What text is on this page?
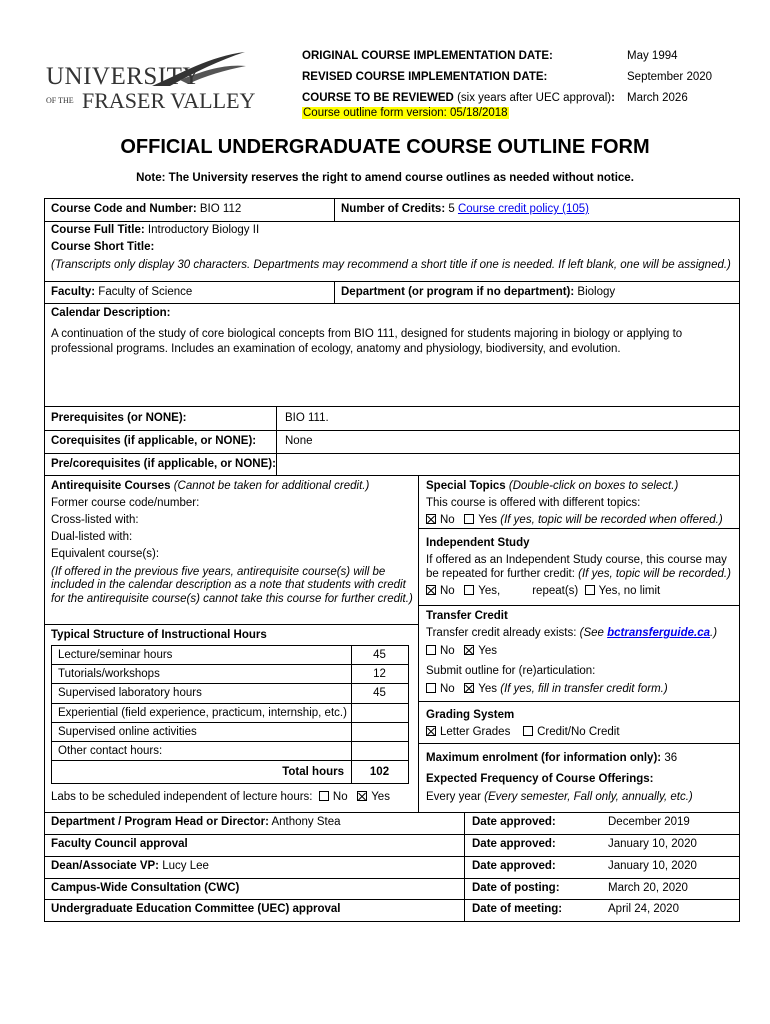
UNIVERSITY
OF THE FRASER VALLEY
ORIGINAL COURSE IMPLEMENTATION DATE:	May 1994
REVISED COURSE IMPLEMENTATION DATE:	September 2020
COURSE TO BE REVIEWED (six years after UEC approval): March 2026
Course outline form version: 05/18/2018
OFFICIAL UNDERGRADUATE COURSE OUTLINE FORM
Note: The University reserves the right to amend course outlines as needed without notice.
Course Code and Number: BIO 112	Number of Credits: 5 Course credit policy (105)
Course Full Title: Introductory Biology II
Course Short Title:
(Transcripts only display 30 characters. Departments may recommend a short title if one is needed. If left blank, one will be assigned.)
Faculty: Faculty of Science	Department (or program if no department): Biology
Calendar Description:
A continuation of the study of core biological concepts from BIO 111, designed for students majoring in biology or applying to professional programs. Includes an examination of ecology, anatomy and physiology, biodiversity, and evolution.
Prerequisites (or NONE):	BIO 111.
Corequisites (if applicable, or NONE):	None
Pre/corequisites (if applicable, or NONE):
Antirequisite Courses (Cannot be taken for additional credit.)
Former course code/number:
Cross-listed with:
Dual-listed with:
Equivalent course(s):
(If offered in the previous five years, antirequisite course(s) will be
included in the calendar description as a note that students with credit
for the antirequisite course(s) cannot take this course for further credit.)
Typical Structure of Instructional Hours
Lecture/seminar hours	45
Tutorials/workshops	12
Supervised laboratory hours	45
Experiential (field experience, practicum, internship, etc.)
Supervised online activities
Other contact hours:
Total hours	102
Labs to be scheduled independent of lecture hours: No Yes
Special Topics (Double-click on boxes to select.)
This course is offered with different topics:
No Yes (If yes, topic will be recorded when offered.)
Independent Study
If offered as an Independent Study course, this course may
be repeated for further credit: (If yes, topic will be recorded.)
No Yes,	repeat(s) Yes, no limit
Transfer Credit
Transfer credit already exists: (See bctransferguide.ca.)
No Yes
Submit outline for (re)articulation:
No Yes (If yes, fill in transfer credit form.)
Grading System
Letter Grades Credit/No Credit
Maximum enrolment (for information only): 36
Expected Frequency of Course Offerings:
Every year (Every semester, Fall only, annually, etc.)
Department / Program Head or Director: Anthony Stea	Date approved:	December 2019
Faculty Council approval	Date approved:	January 10, 2020
Dean/Associate VP: Lucy Lee	Date approved:	January 10, 2020
Campus-Wide Consultation (CWC)	Date of posting:	March 20, 2020
Undergraduate Education Committee (UEC) approval	Date of meeting:	April 24, 2020
